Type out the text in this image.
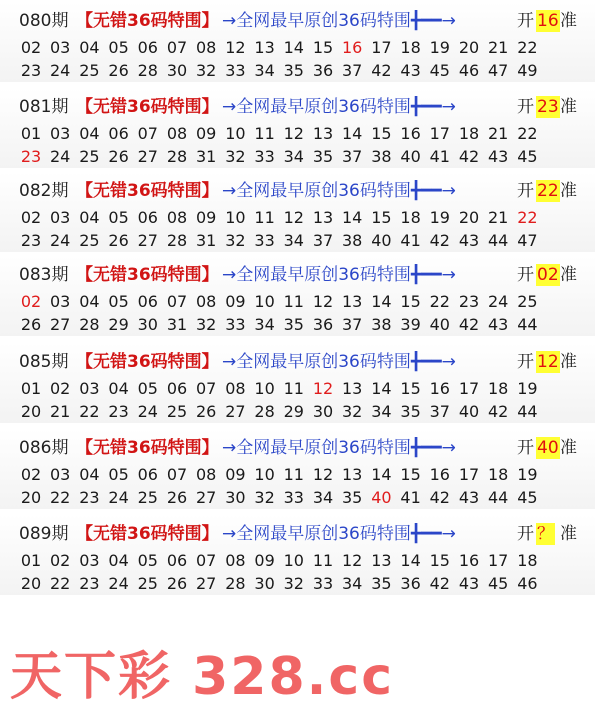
080期 【无错36码特围】 →全网最早原创36码特围╋━━→	开 16 准
02 03 04 05 06 07 08 12 13 14 15 16 17 18 19 20 21 22
23 24 25 26 28 30 32 33 34 35 36 37 42 43 45 46 47 49
081期 【无错36码特围】 →全网最早原创36码特围╋━━→	开 23 准
01 03 04 06 07 08 09 10 11 12 13 14 15 16 17 18 21 22
23 24 25 26 27 28 31 32 33 34 35 37 38 40 41 42 43 45
082期 【无错36码特围】 →全网最早原创36码特围╋━━→	开 22 准
02 03 04 05 06 08 09 10 11 12 13 14 15 18 19 20 21 22
23 24 25 26 27 28 31 32 33 34 37 38 40 41 42 43 44 47
083期 【无错36码特围】 →全网最早原创36码特围╋━━→	开 02 准
02 03 04 05 06 07 08 09 10 11 12 13 14 15 22 23 24 25
26 27 28 29 30 31 32 33 34 35 36 37 38 39 40 42 43 44
085期 【无错36码特围】 →全网最早原创36码特围╋━━→	开 12 准
01 02 03 04 05 06 07 08 10 11 12 13 14 15 16 17 18 19
20 21 22 23 24 25 26 27 28 29 30 32 34 35 37 40 42 44
086期 【无错36码特围】 →全网最早原创36码特围╋━━→	开 40 准
02 03 04 05 06 07 08 09 10 11 12 13 14 15 16 17 18 19
20 22 23 24 25 26 27 30 32 33 34 35 40 41 42 43 44 45
089期 【无错36码特围】 →全网最早原创36码特围╋━━→	开 ？ 准
01 02 03 04 05 06 07 08 09 10 11 12 13 14 15 16 17 18
20 22 23 24 25 26 27 28 30 32 33 34 35 36 42 43 45 46
天下彩 328.cc
